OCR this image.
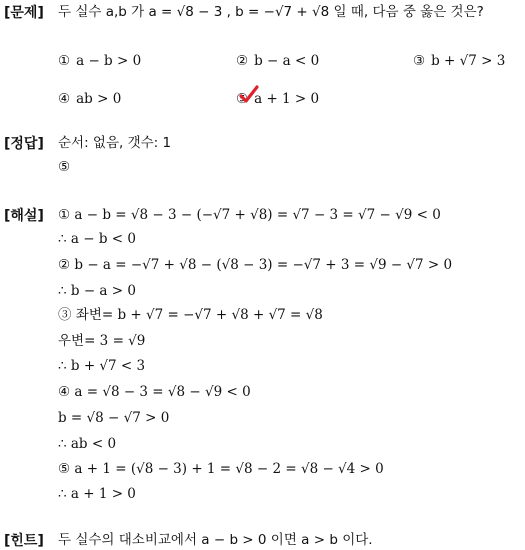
[문제] 두 실수 a,b 가 a = √8 − 3 , b = −√7 + √8 일 때, 다음 중 옳은 것은?
① a − b > 0	② b − a < 0	③ b + √7 > 3
④ ab > 0	⑤ a + 1 > 0
[정답] 순서: 없음, 갯수: 1
⑤
[해설] ① a − b = √8 − 3 − (−√7 + √8) = √7 − 3 = √7 − √9 < 0
∴ a − b < 0
② b − a = −√7 + √8 − (√8 − 3) = −√7 + 3 = √9 − √7 > 0
∴ b − a > 0
③ 좌변= b + √7 = −√7 + √8 + √7 = √8
우변= 3 = √9
∴ b + √7 < 3
④ a = √8 − 3 = √8 − √9 < 0
b = √8 − √7 > 0
∴ ab < 0
⑤ a + 1 = (√8 − 3) + 1 = √8 − 2 = √8 − √4 > 0
∴ a + 1 > 0
[힌트] 두 실수의 대소비교에서 a − b > 0 이면 a > b 이다.
